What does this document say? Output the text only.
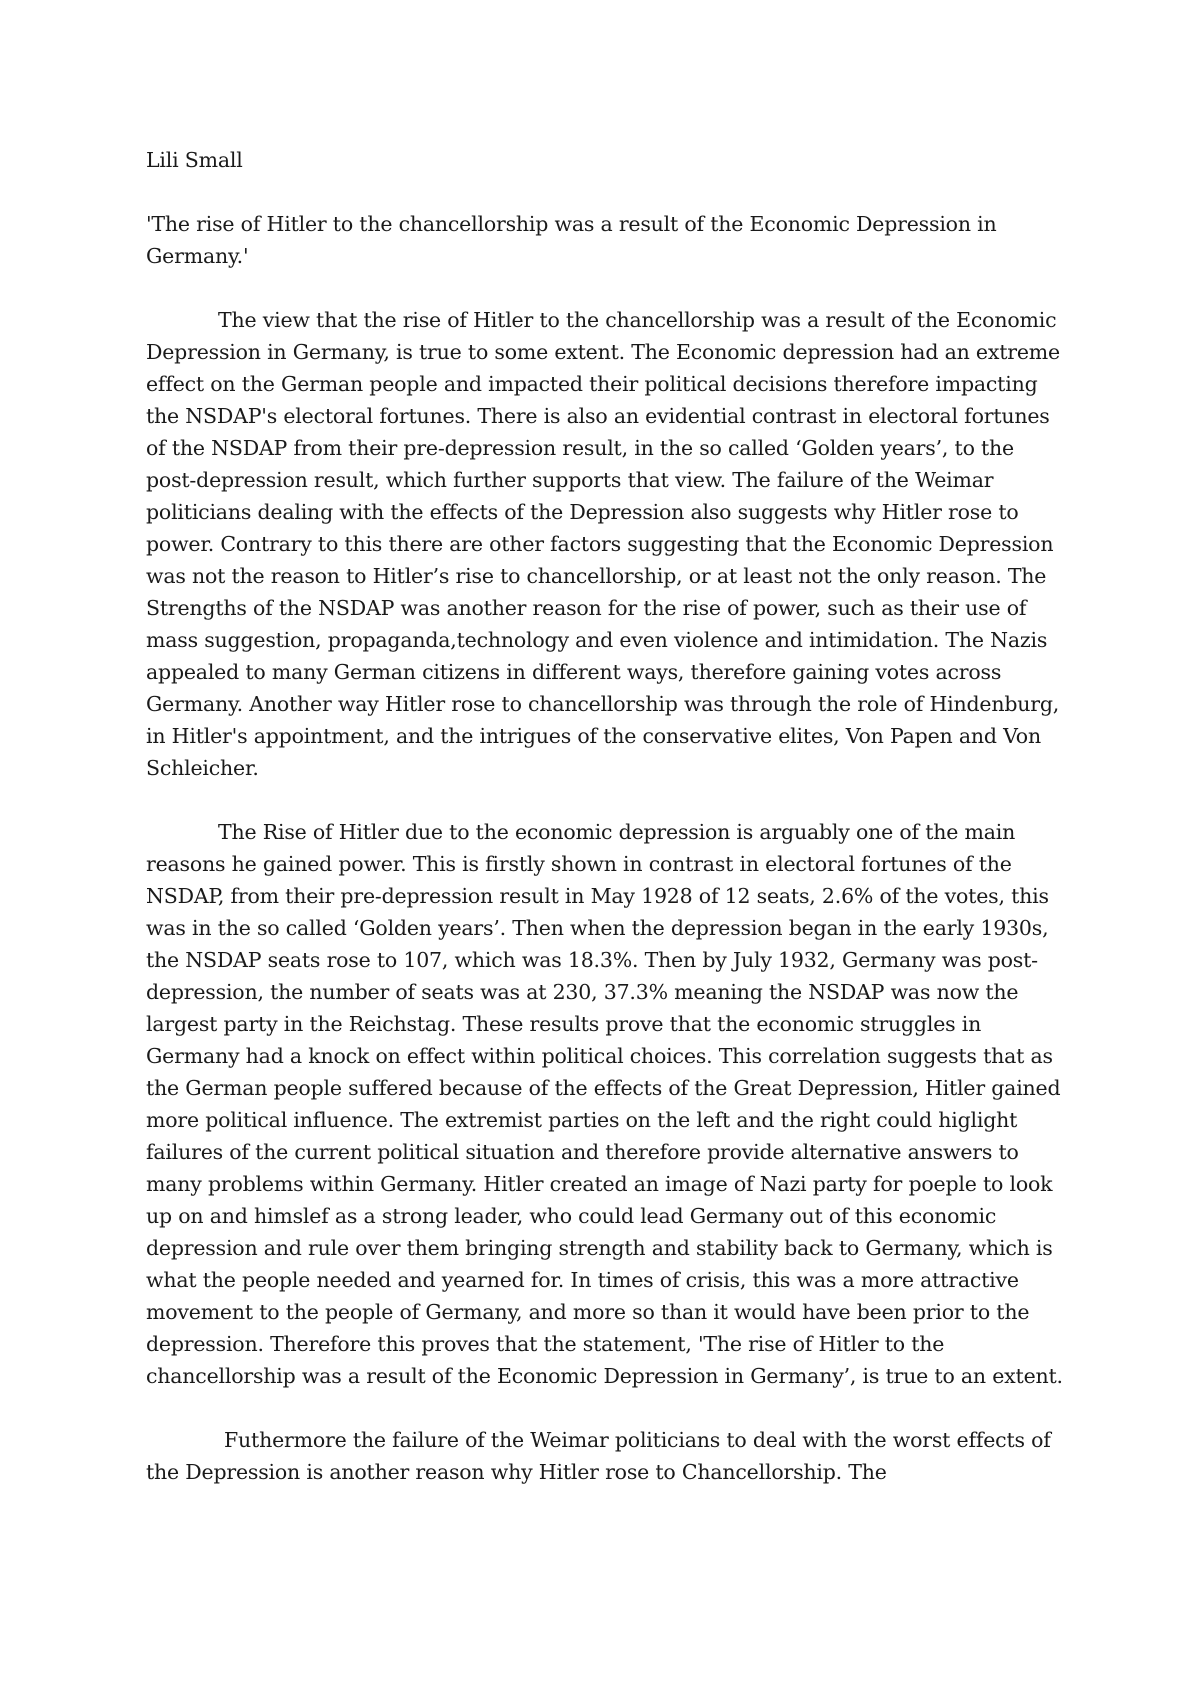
Lili Small

'The rise of Hitler to the chancellorship was a result of the Economic Depression in Germany.'

The view that the rise of Hitler to the chancellorship was a result of the Economic Depression in Germany, is true to some extent. The Economic depression had an extreme effect on the German people and impacted their political decisions therefore impacting the NSDAP's electoral fortunes. There is also an evidential contrast in electoral fortunes of the NSDAP from their pre-depression result, in the so called ‘Golden years’, to the post-depression result, which further supports that view. The failure of the Weimar politicians dealing with the effects of the Depression also suggests why Hitler rose to power. Contrary to this there are other factors suggesting that the Economic Depression was not the reason to Hitler’s rise to chancellorship, or at least not the only reason. The Strengths of the NSDAP was another reason for the rise of power, such as their use of mass suggestion, propaganda,technology and even violence and intimidation. The Nazis appealed to many German citizens in different ways, therefore gaining votes across Germany. Another way Hitler rose to chancellorship was through the role of Hindenburg, in Hitler's appointment, and the intrigues of the conservative elites, Von Papen and Von Schleicher.

The Rise of Hitler due to the economic depression is arguably one of the main reasons he gained power. This is firstly shown in contrast in electoral fortunes of the NSDAP, from their pre-depression result in May 1928 of 12 seats, 2.6% of the votes, this was in the so called ‘Golden years’. Then when the depression began in the early 1930s, the NSDAP seats rose to 107, which was 18.3%. Then by July 1932, Germany was post-depression, the number of seats was at 230, 37.3% meaning the NSDAP was now the largest party in the Reichstag. These results prove that the economic struggles in Germany had a knock on effect within political choices. This correlation suggests that as the German people suffered because of the effects of the Great Depression, Hitler gained more political influence. The extremist parties on the left and the right could higlight failures of the current political situation and therefore provide alternative answers to many problems within Germany. Hitler created an image of Nazi party for poeple to look up on and himslef as a strong leader, who could lead Germany out of this economic depression and rule over them bringing strength and stability back to Germany, which is what the people needed and yearned for. In times of crisis, this was a more attractive movement to the people of Germany, and more so than it would have been prior to the depression. Therefore this proves that the statement, 'The rise of Hitler to the chancellorship was a result of the Economic Depression in Germany’, is true to an extent.

Futhermore the failure of the Weimar politicians to deal with the worst effects of the Depression is another reason why Hitler rose to Chancellorship. The
